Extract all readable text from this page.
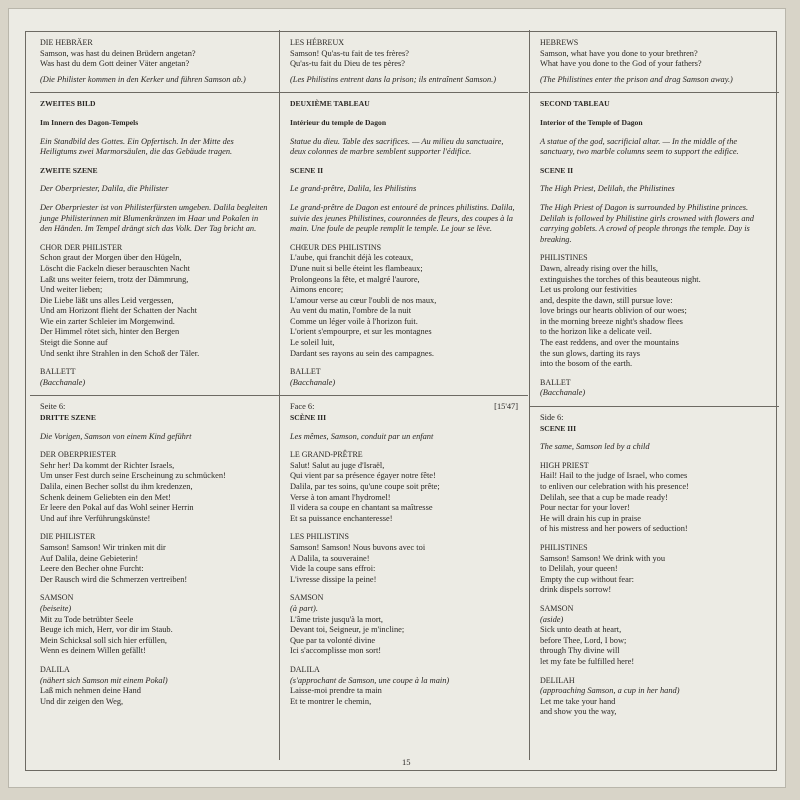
15

DIE HEBRÄER

Samson, was hast du deinen Brüdern angetan?
Was hast du dem Gott deiner Väter angetan?

(Die Philister kommen in den Kerker und führen Samson ab.)

ZWEITES BILD

Im Innern des Dagon-Tempels

Ein Standbild des Gottes. Ein Opfertisch. In der Mitte des Heiligtums zwei Marmorsäulen, die das Gebäude tragen.

ZWEITE SZENE

Der Oberpriester, Dalila, die Philister

Der Oberpriester ist von Philisterfürsten umgeben. Dalila begleiten junge Philisterinnen mit Blumenkränzen im Haar und Pokalen in den Händen. Im Tempel drängt sich das Volk. Der Tag bricht an.

CHOR DER PHILISTER

Schon graut der Morgen über den Hügeln,
Löscht die Fackeln dieser berauschten Nacht
Laßt uns weiter feiern, trotz der Dämmrung,
Und weiter lieben;
Die Liebe läßt uns alles Leid vergessen,
Und am Horizont flieht der Schatten der Nacht
Wie ein zarter Schleier im Morgenwind.
Der Himmel rötet sich, hinter den Bergen
Steigt die Sonne auf
Und senkt ihre Strahlen in den Schoß der Täler.

BALLETT

(Bacchanale)

Seite 6:

DRITTE SZENE

Die Vorigen, Samson von einem Kind geführt

DER OBERPRIESTER

Sehr her! Da kommt der Richter Israels,
Um unser Fest durch seine Erscheinung zu schmücken!
Dalila, einen Becher sollst du ihm kredenzen,
Schenk deinem Geliebten ein den Met!
Er leere den Pokal auf das Wohl seiner Herrin
Und auf ihre Verführungskünste!

DIE PHILISTER

Samson! Samson! Wir trinken mit dir
Auf Dalila, deine Gebieterin!
Leere den Becher ohne Furcht:
Der Rausch wird die Schmerzen vertreiben!

SAMSON

(beiseite)

Mit zu Tode betrübter Seele
Beuge ich mich, Herr, vor dir im Staub.
Mein Schicksal soll sich hier erfüllen,
Wenn es deinem Willen gefällt!

DALILA

(nähert sich Samson mit einem Pokal)

Laß mich nehmen deine Hand
Und dir zeigen den Weg,

LES HÉBREUX

Samson! Qu'as-tu fait de tes frères?
Qu'as-tu fait du Dieu de tes pères?

(Les Philistins entrent dans la prison; ils entraînent Samson.)

DEUXIÈME TABLEAU

Intérieur du temple de Dagon

Statue du dieu. Table des sacrifices. — Au milieu du sanctuaire, deux colonnes de marbre semblent supporter l'édifice.

SCENE II

Le grand-prêtre, Dalila, les Philistins

Le grand-prêtre de Dagon est entouré de princes philistins. Dalila, suivie des jeunes Philistines, couronnées de fleurs, des coupes à la main. Une foule de peuple remplit le temple. Le jour se lève.

CHŒUR DES PHILISTINS

L'aube, qui franchit déjà les coteaux,
D'une nuit si belle éteint les flambeaux;
Prolongeons la fête, et malgré l'aurore,
Aimons encore;
L'amour verse au cœur l'oubli de nos maux,
Au vent du matin, l'ombre de la nuit
Comme un léger voile à l'horizon fuit.
L'orient s'empourpre, et sur les montagnes
Le soleil luit,
Dardant ses rayons au sein des campagnes.

BALLET

(Bacchanale)

Face 6:	[15'47]

SCÈNE III

Les mêmes, Samson, conduit par un enfant

LE GRAND-PRÊTRE

Salut! Salut au juge d'Israël,
Qui vient par sa présence égayer notre fête!
Dalila, par tes soins, qu'une coupe soit prête;
Verse à ton amant l'hydromel!
Il videra sa coupe en chantant sa maîtresse
Et sa puissance enchanteresse!

LES PHILISTINS

Samson! Samson! Nous buvons avec toi
A Dalila, ta souveraine!
Vide la coupe sans effroi:
L'ivresse dissipe la peine!

SAMSON

(à part).

L'âme triste jusqu'à la mort,
Devant toi, Seigneur, je m'incline;
Que par ta volonté divine
Ici s'accomplisse mon sort!

DALILA

(s'approchant de Samson, une coupe à la main)

Laisse-moi prendre ta main
Et te montrer le chemin,

HEBREWS

Samson, what have you done to your brethren?
What have you done to the God of your fathers?

(The Philistines enter the prison and drag Samson away.)

SECOND TABLEAU

Interior of the Temple of Dagon

A statue of the god, sacrificial altar. — In the middle of the sanctuary, two marble columns seem to support the edifice.

SCENE II

The High Priest, Delilah, the Philistines

The High Priest of Dagon is surrounded by Philistine princes. Delilah is followed by Philistine girls crowned with flowers and carrying goblets. A crowd of people throngs the temple. Day is breaking.

PHILISTINES

Dawn, already rising over the hills,
extinguishes the torches of this beauteous night.
Let us prolong our festivities
and, despite the dawn, still pursue love:
love brings our hearts oblivion of our woes;
in the morning breeze night's shadow flees
to the horizon like a delicate veil.
The east reddens, and over the mountains
the sun glows, darting its rays
into the bosom of the earth.

BALLET

(Bacchanale)

Side 6:

SCENE III

The same, Samson led by a child

HIGH PRIEST

Hail! Hail to the judge of Israel, who comes
to enliven our celebration with his presence!
Delilah, see that a cup be made ready!
Pour nectar for your lover!
He will drain his cup in praise
of his mistress and her powers of seduction!

PHILISTINES

Samson! Samson! We drink with you
to Delilah, your queen!
Empty the cup without fear:
drink dispels sorrow!

SAMSON

(aside)

Sick unto death at heart,
before Thee, Lord, I bow;
through Thy divine will
let my fate be fulfilled here!

DELILAH

(approaching Samson, a cup in her hand)

Let me take your hand
and show you the way,
